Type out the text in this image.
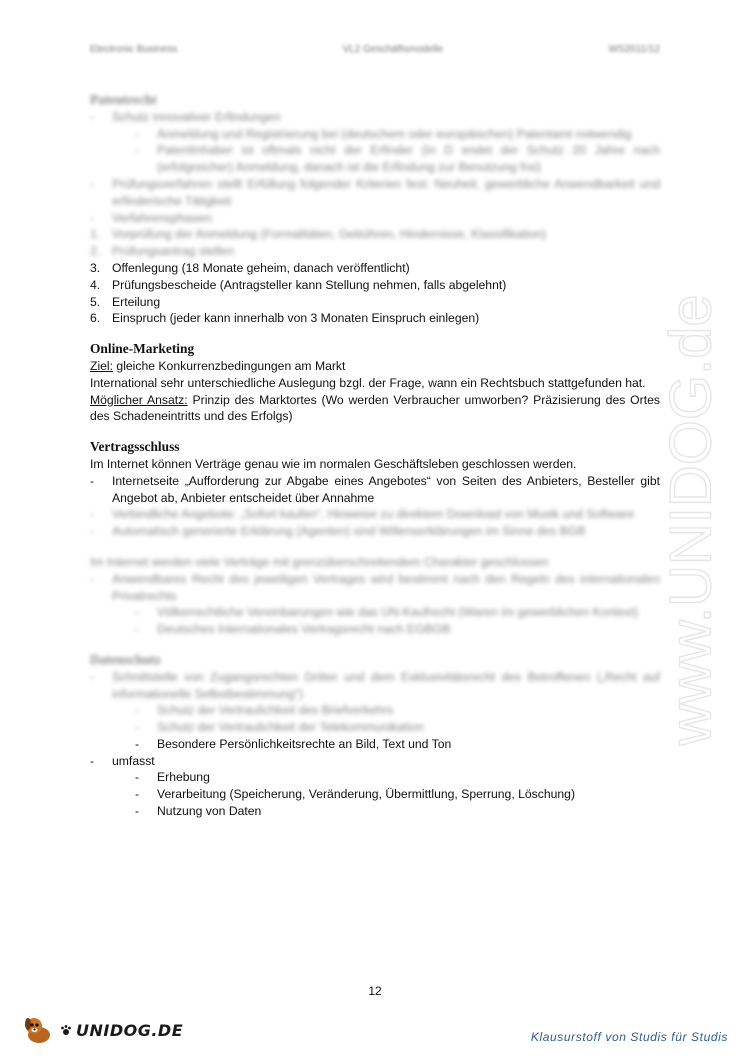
Electronic Business	VL2 Geschäftsmodelle	WS2011/12
www.UNIDOG.de
Patentrecht
- Schutz innovativer Erfindungen
- Anmeldung und Registrierung bei (deutschem oder europäischen) Patentamt notwendig
- Patentinhaber ist oftmals nicht der Erfinder (In D endet der Schutz 20 Jahre nach (erfolgreicher) Anmeldung, danach ist die Erfindung zur Benutzung frei)
- Prüfungsverfahren stellt Erfüllung folgender Kriterien fest: Neuheit, gewerbliche Anwendbarkeit und erfinderische Tätigkeit
- Verfahrensphasen:
1. Vorprüfung der Anmeldung (Formalitäten, Gebühren, Hindernisse, Klassifikation)
2. Prüfungsantrag stellen
3. Offenlegung (18 Monate geheim, danach veröffentlicht)
4. Prüfungsbescheide (Antragsteller kann Stellung nehmen, falls abgelehnt)
5. Erteilung
6. Einspruch (jeder kann innerhalb von 3 Monaten Einspruch einlegen)
Online-Marketing

Ziel: gleiche Konkurrenzbedingungen am Markt

International sehr unterschiedliche Auslegung bzgl. der Frage, wann ein Rechtsbuch stattgefunden hat.

Möglicher Ansatz: Prinzip des Marktortes (Wo werden Verbraucher umworben? Präzisierung des Ortes des Schadeneintritts und des Erfolgs)

Vertragsschluss

Im Internet können Verträge genau wie im normalen Geschäftsleben geschlossen werden.

- Internetseite „Aufforderung zur Abgabe eines Angebotes“ von Seiten des Anbieters, Besteller gibt Angebot ab, Anbieter entscheidet über Annahme
- Verbindliche Angebote: „Sofort kaufen“, Hinweise zu direktem Download von Musik und Software
- Automatisch generierte Erklärung (Agenten) sind Willenserklärungen im Sinne des BGB

Im Internet werden viele Verträge mit grenzüberschreitendem Charakter geschlossen

- Anwendbares Recht des jeweiligen Vertrages wird bestimmt nach den Regeln des internationalen Privatrechts
- Völkerrechtliche Vereinbarungen wie das UN-Kaufrecht (Waren im gewerblichen Kontext)
- Deutsches Internationales Vertragsrecht nach EGBGB
Datenschutz
- Schnittstelle von Zugangsrechten Dritter und dem Exklusivitätsrecht des Betroffenen („Recht auf informationelle Selbstbestimmung“)
- Schutz der Vertraulichkeit des Briefverkehrs
- Schutz der Vertraulichkeit der Telekommunikation
- Besondere Persönlichkeitsrechte an Bild, Text und Ton
- umfasst
- Erhebung
- Verarbeitung (Speicherung, Veränderung, Übermittlung, Sperrung, Löschung)
- Nutzung von Daten
12
UNIDOG.DE	Klausurstoff von Studis für Studis
